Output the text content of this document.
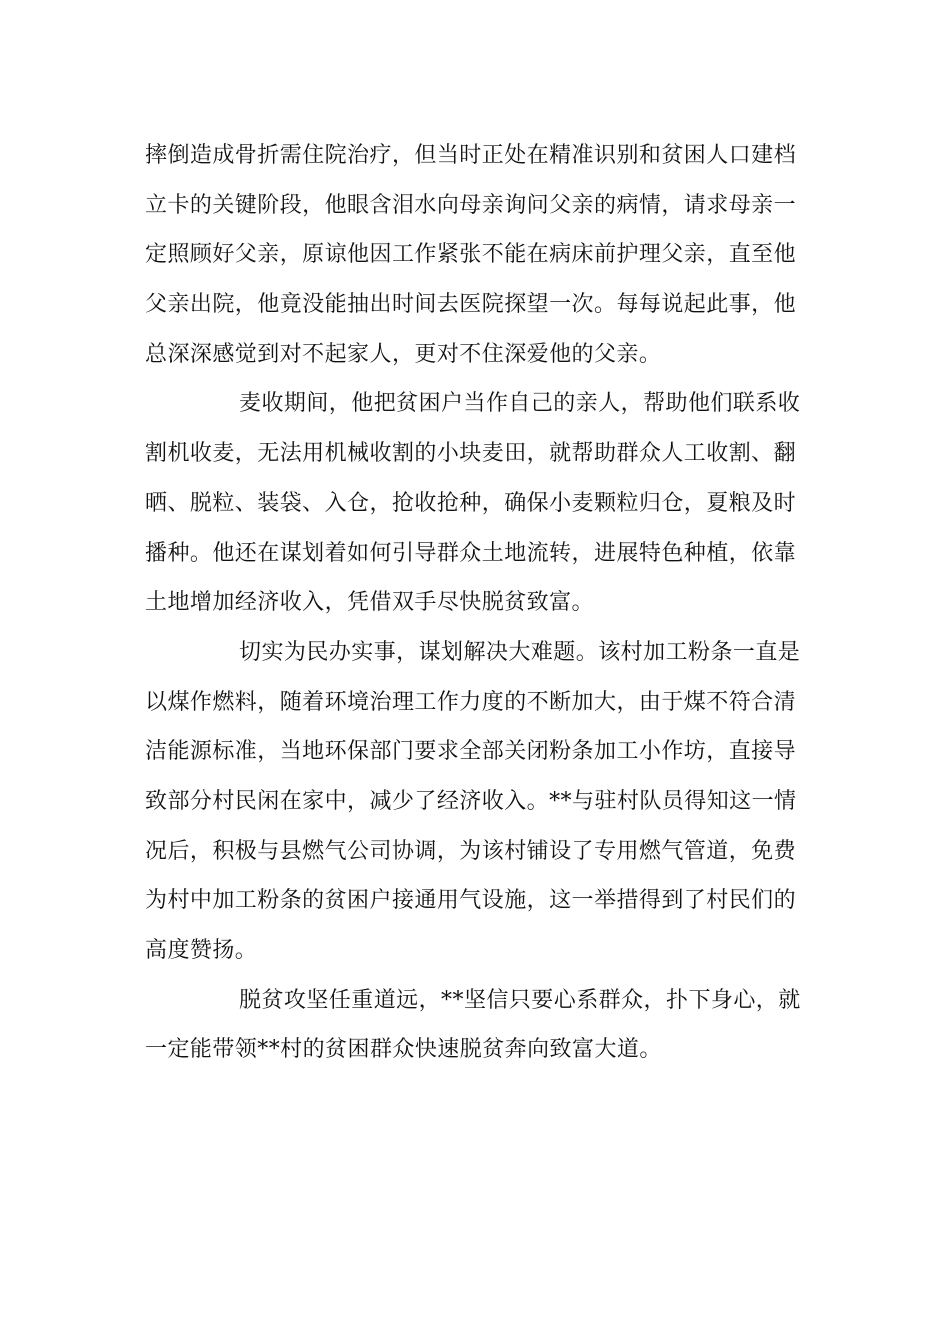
摔倒造成骨折需住院治疗，但当时正处在精准识别和贫困人口建档
立卡的关键阶段，他眼含泪水向母亲询问父亲的病情，请求母亲一
定照顾好父亲，原谅他因工作紧张不能在病床前护理父亲，直至他
父亲出院，他竟没能抽出时间去医院探望一次。每每说起此事，他
总深深感觉到对不起家人，更对不住深爱他的父亲。
麦收期间，他把贫困户当作自己的亲人，帮助他们联系收
割机收麦，无法用机械收割的小块麦田，就帮助群众人工收割、翻
晒、脱粒、装袋、入仓，抢收抢种，确保小麦颗粒归仓，夏粮及时
播种。他还在谋划着如何引导群众土地流转，进展特色种植，依靠
土地增加经济收入，凭借双手尽快脱贫致富。
切实为民办实事，谋划解决大难题。该村加工粉条一直是
以煤作燃料，随着环境治理工作力度的不断加大，由于煤不符合清
洁能源标准，当地环保部门要求全部关闭粉条加工小作坊，直接导
致部分村民闲在家中，减少了经济收入。**与驻村队员得知这一情
况后，积极与县燃气公司协调，为该村铺设了专用燃气管道，免费
为村中加工粉条的贫困户接通用气设施，这一举措得到了村民们的
高度赞扬。
脱贫攻坚任重道远，**坚信只要心系群众，扑下身心，就
一定能带领**村的贫困群众快速脱贫奔向致富大道。
